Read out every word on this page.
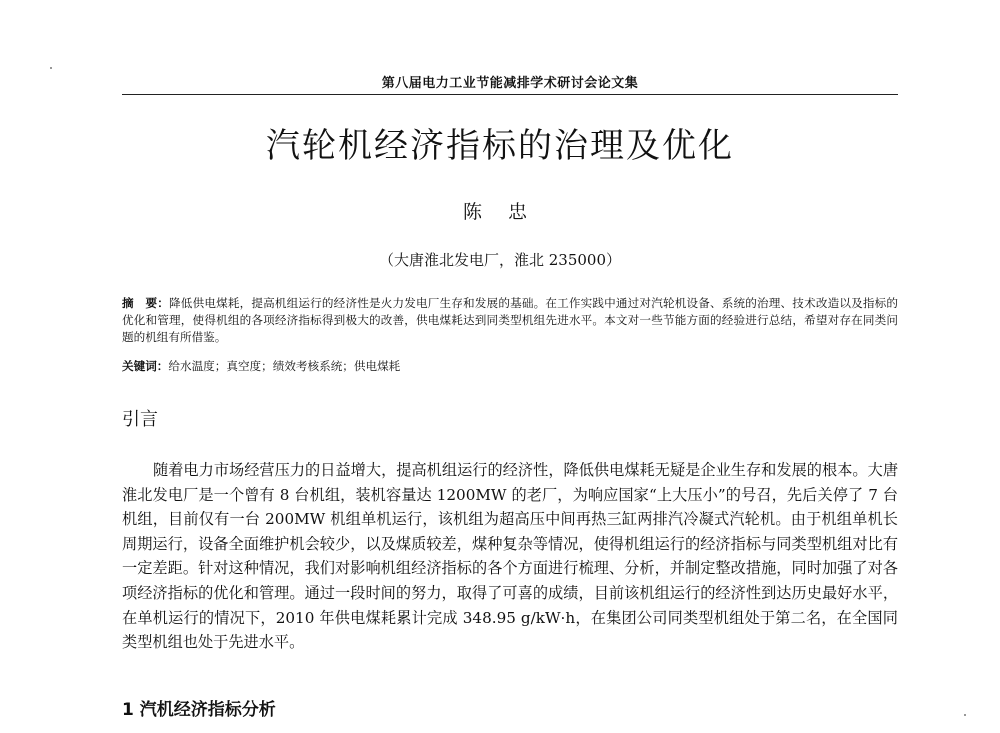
第八届电力工业节能减排学术研讨会论文集
汽轮机经济指标的治理及优化
陈 忠
（大唐淮北发电厂，淮北 235000）
摘　要：降低供电煤耗，提高机组运行的经济性是火力发电厂生存和发展的基础。在工作实践中通过对汽轮机设备、系统的治理、技术改造以及指标的优化和管理，使得机组的各项经济指标得到极大的改善，供电煤耗达到同类型机组先进水平。本文对一些节能方面的经验进行总结，希望对存在同类问题的机组有所借鉴。
关键词：给水温度；真空度；绩效考核系统；供电煤耗
引言

随着电力市场经营压力的日益增大，提高机组运行的经济性，降低供电煤耗无疑是企业生存和发展的根本。大唐淮北发电厂是一个曾有 8 台机组，装机容量达 1200MW 的老厂，为响应国家“上大压小”的号召，先后关停了 7 台机组，目前仅有一台 200MW 机组单机运行，该机组为超高压中间再热三缸两排汽冷凝式汽轮机。由于机组单机长周期运行，设备全面维护机会较少，以及煤质较差，煤种复杂等情况，使得机组运行的经济指标与同类型机组对比有一定差距。针对这种情况，我们对影响机组经济指标的各个方面进行梳理、分析，并制定整改措施，同时加强了对各项经济指标的优化和管理。通过一段时间的努力，取得了可喜的成绩，目前该机组运行的经济性到达历史最好水平，在单机运行的情况下，2010 年供电煤耗累计完成 348.95 g/kW·h，在集团公司同类型机组处于第二名，在全国同类型机组也处于先进水平。

1 汽机经济指标分析
